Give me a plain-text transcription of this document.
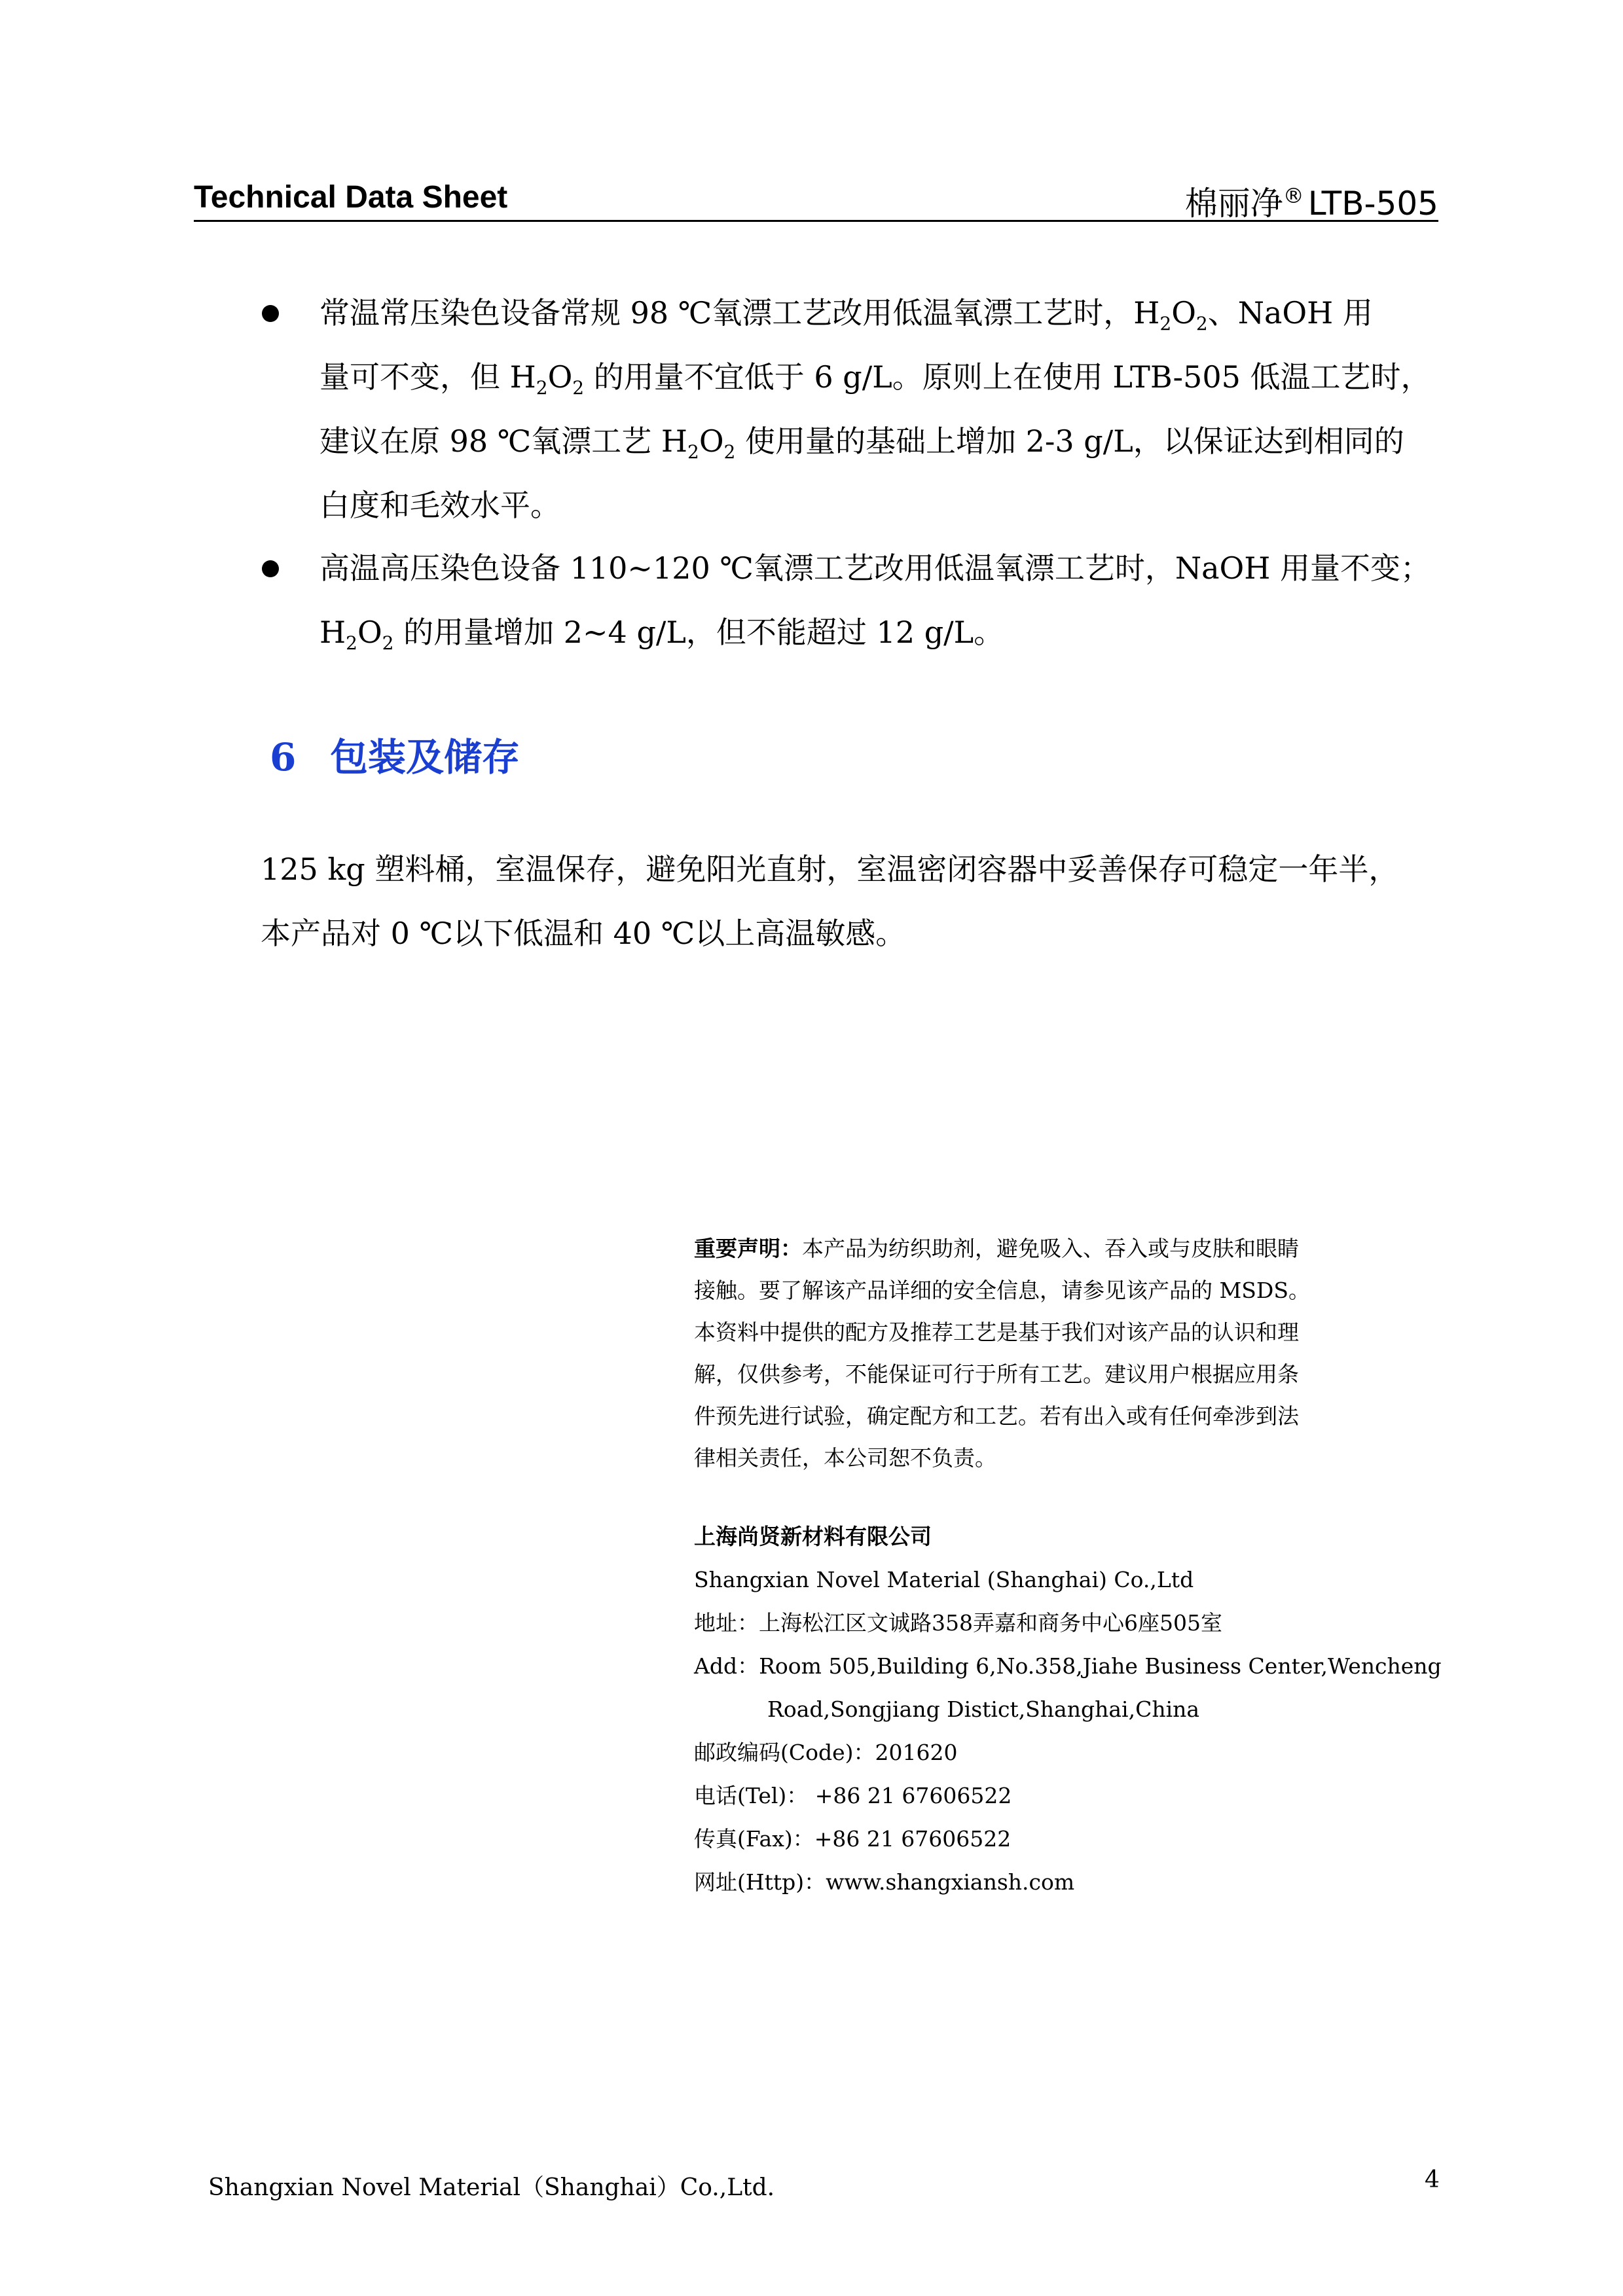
Technical Data Sheet	棉丽净® LTB-505
常温常压染色设备常规 98 ℃氧漂工艺改用低温氧漂工艺时，$H_2O_2$、NaOH 用
量可不变，但 $H_2O_2$ 的用量不宜低于 6 g/L。原则上在使用 LTB-505 低温工艺时，
建议在原 98 ℃氧漂工艺 $H_2O_2$ 使用量的基础上增加 2-3 g/L，以保证达到相同的
白度和毛效水平。
高温高压染色设备 110~120 ℃氧漂工艺改用低温氧漂工艺时，NaOH 用量不变；
$H_2O_2$ 的用量增加 2~4 g/L，但不能超过 12 g/L。
6 包装及储存
125 kg 塑料桶，室温保存，避免阳光直射，室温密闭容器中妥善保存可稳定一年半，
本产品对 0 ℃以下低温和 40 ℃以上高温敏感。
重要声明：本产品为纺织助剂，避免吸入、吞入或与皮肤和眼睛
接触。要了解该产品详细的安全信息，请参见该产品的 MSDS。
本资料中提供的配方及推荐工艺是基于我们对该产品的认识和理
解，仅供参考，不能保证可行于所有工艺。建议用户根据应用条
件预先进行试验，确定配方和工艺。若有出入或有任何牵涉到法
律相关责任，本公司恕不负责。
上海尚贤新材料有限公司
Shangxian Novel Material (Shanghai) Co.,Ltd
地址：上海松江区文诚路358弄嘉和商务中心6座505室
Add：Room 505,Building 6,No.358,Jiahe Business Center,Wencheng
Road,Songjiang Distict,Shanghai,China
邮政编码(Code)：201620
电话(Tel)： +86 21 67606522
传真(Fax)：+86 21 67606522
网址(Http)：www.shangxiansh.com
Shangxian Novel Material（Shanghai）Co.,Ltd.	4
